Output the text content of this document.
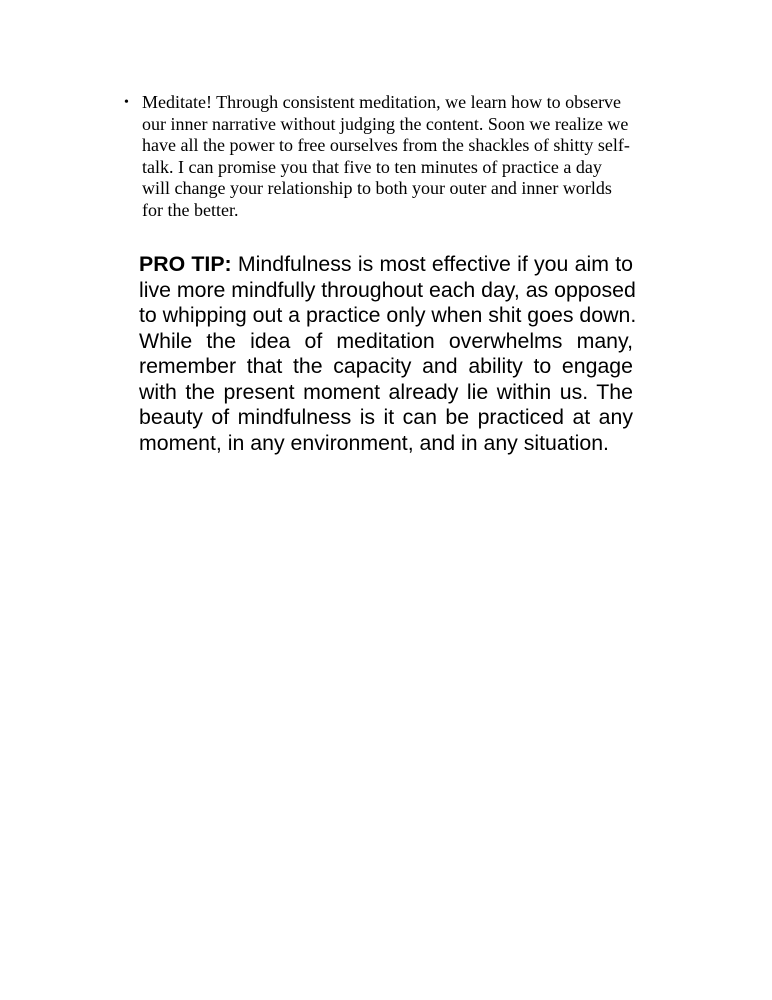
• Meditate! Through consistent meditation, we learn how to observe
our inner narrative without judging the content. Soon we realize we
have all the power to free ourselves from the shackles of shitty self-
talk. I can promise you that five to ten minutes of practice a day
will change your relationship to both your outer and inner worlds
for the better.
PRO TIP: Mindfulness is most effective if you aim to
live more mindfully throughout each day, as opposed
to whipping out a practice only when shit goes down.
While the idea of meditation overwhelms many,
remember that the capacity and ability to engage
with the present moment already lie within us. The
beauty of mindfulness is it can be practiced at any
moment, in any environment, and in any situation.
